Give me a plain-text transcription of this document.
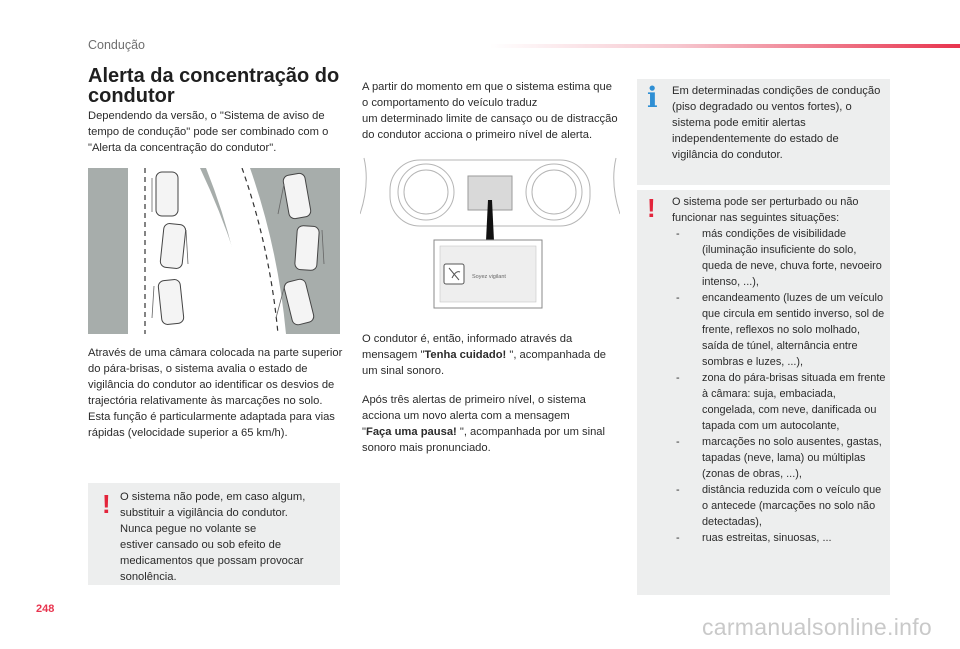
Condução
Alerta da concentração do condutor

Dependendo da versão, o "Sistema de aviso de tempo de condução" pode ser combinado com o "Alerta da concentração do condutor".

Através de uma câmara colocada na parte superior do pára-brisas, o sistema avalia o estado de vigilância do condutor ao identificar os desvios de trajectória relativamente às marcações no solo.
Esta função é particularmente adaptada para vias rápidas (velocidade superior a 65 km/h).

! O sistema não pode, em caso algum, substituir a vigilância do condutor.
Nunca pegue no volante se
estiver cansado ou sob efeito de medicamentos que possam provocar sonolência.

A partir do momento em que o sistema estima que o comportamento do veículo traduz
um determinado limite de cansaço ou de distracção do condutor acciona o primeiro nível de alerta.

Soyez vigilant

O condutor é, então, informado através da mensagem "Tenha cuidado! ", acompanhada de um sinal sonoro.

Após três alertas de primeiro nível, o sistema acciona um novo alerta com a mensagem
"Faça uma pausa! ", acompanhada por um sinal sonoro mais pronunciado.

i Em determinadas condições de condução (piso degradado ou ventos fortes), o sistema pode emitir alertas independentemente do estado de vigilância do condutor.

! O sistema pode ser perturbado ou não funcionar nas seguintes situações:

- más condições de visibilidade
(iluminação insuficiente do solo, queda de neve, chuva forte, nevoeiro intenso, ...),
- encandeamento (luzes de um veículo que circula em sentido inverso, sol de frente, reflexos no solo molhado, saída de túnel, alternância entre sombras e luzes, ...),
- zona do pára-brisas situada em frente à câmara: suja, embaciada, congelada, com neve, danificada ou tapada com um autocolante,
- marcações no solo ausentes, gastas, tapadas (neve, lama) ou múltiplas (zonas de obras, ...),
- distância reduzida com o veículo que o antecede (marcações no solo não detectadas),
- ruas estreitas, sinuosas, ...
248
carmanualsonline.info
